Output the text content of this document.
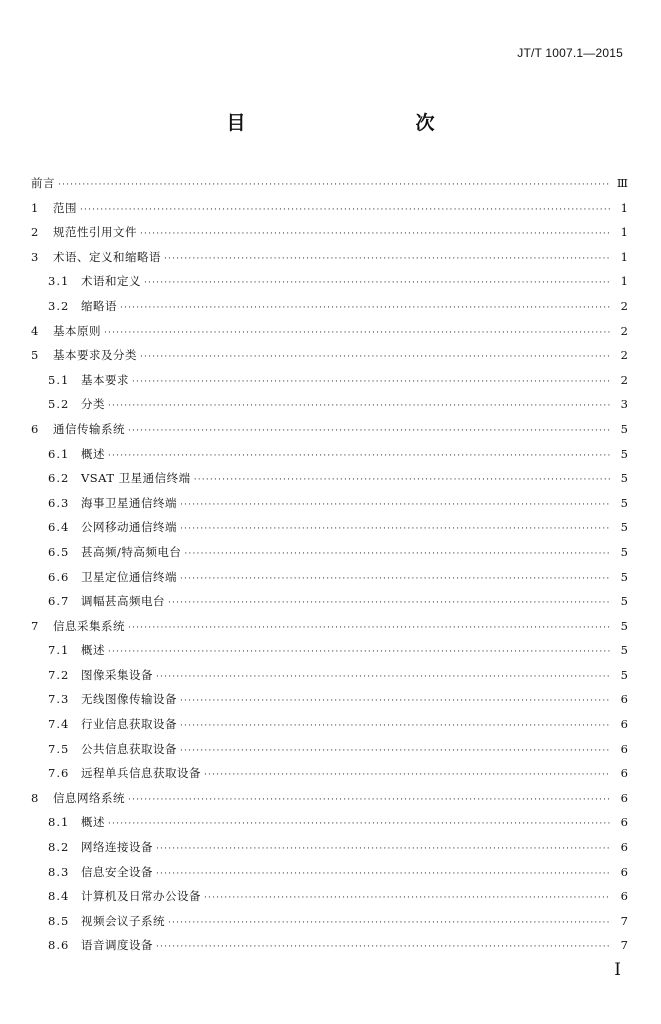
JT/T 1007.1—2015
目　　次
前言 ·····	Ⅲ
1	范围 ·····	1
2	规范性引用文件 ·····	1
3	术语、定义和缩略语 ·····	1
3.1	术语和定义 ·····	1
3.2	缩略语 ·····	2
4	基本原则 ·····	2
5	基本要求及分类 ·····	2
5.1	基本要求 ·····	2
5.2	分类 ·····	3
6	通信传输系统 ·····	5
6.1	概述 ·····	5
6.2	VSAT 卫星通信终端 ·····	5
6.3	海事卫星通信终端 ·····	5
6.4	公网移动通信终端 ·····	5
6.5	甚高频/特高频电台 ·····	5
6.6	卫星定位通信终端 ·····	5
6.7	调幅甚高频电台 ·····	5
7	信息采集系统 ·····	5
7.1	概述 ·····	5
7.2	图像采集设备 ·····	5
7.3	无线图像传输设备 ·····	6
7.4	行业信息获取设备 ·····	6
7.5	公共信息获取设备 ·····	6
7.6	远程单兵信息获取设备 ·····	6
8	信息网络系统 ·····	6
8.1	概述 ·····	6
8.2	网络连接设备 ·····	6
8.3	信息安全设备 ·····	6
8.4	计算机及日常办公设备 ·····	6
8.5	视频会议子系统 ·····	7
8.6	语音调度设备 ·····	7
I
